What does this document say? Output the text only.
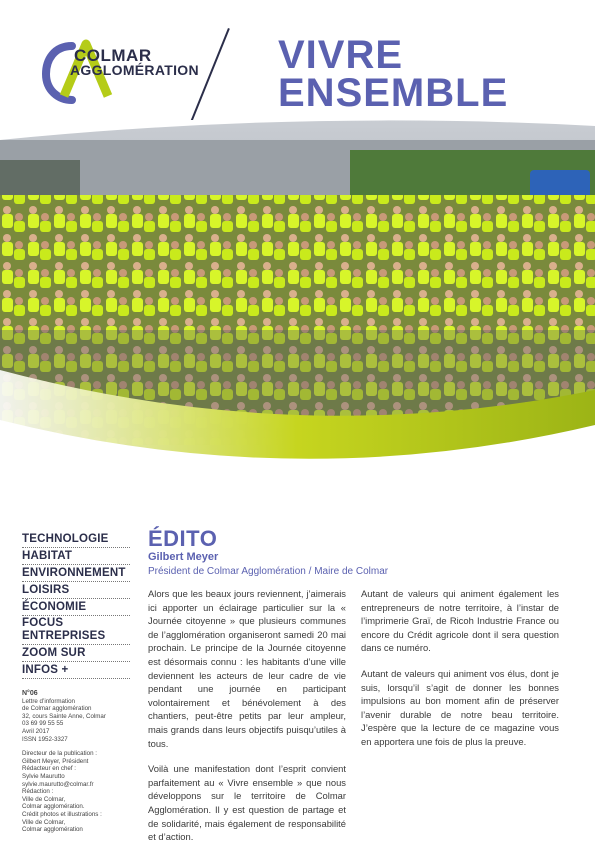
COLMAR
AGGLOMÉRATION VIVRE
ENSEMBLE
TECHNOLOGIE
HABITAT
ENVIRONNEMENT
LOISIRS
ÉCONOMIE
FOCUS ENTREPRISES
ZOOM SUR
INFOS +

N°06

Lettre d’information

de Colmar agglomération

32, cours Sainte Anne, Colmar

03 69 99 55 55

Avril 2017

ISSN 1952-3327

Directeur de la publication :

Gilbert Meyer, Président

Rédacteur en chef :

Sylvie Maurutto

sylvie.maurutto@colmar.fr

Rédaction :

Ville de Colmar,

Colmar agglomération.

Crédit photos et illustrations :

Ville de Colmar,

Colmar agglomération

ÉDITO
Gilbert Meyer
Président de Colmar Agglomération / Maire de Colmar

Alors que les beaux jours reviennent, j’aimerais ici apporter un éclairage particulier sur la « Journée citoyenne » que plusieurs communes de l’agglomération organiseront samedi 20 mai prochain. Le principe de la Journée citoyenne est désormais connu : les habitants d’une ville deviennent les acteurs de leur cadre de vie pendant une journée en participant volontairement et bénévolement à des chantiers, peut-être petits par leur ampleur, mais grands dans leurs objectifs puisqu’utiles à tous.

Voilà une manifestation dont l’esprit convient parfaitement au « Vivre ensemble » que nous développons sur le territoire de Colmar Agglomération. Il y est question de partage et de solidarité, mais également de responsabilité et d’action.

Autant de valeurs qui animent également les entrepreneurs de notre territoire, à l’instar de l’imprimerie Graï, de Ricoh Industrie France ou encore du Crédit agricole dont il sera question dans ce numéro.

Autant de valeurs qui animent vos élus, dont je suis, lorsqu’il s’agit de donner les bonnes impulsions au bon moment afin de préserver l’avenir durable de notre beau territoire. J’espère que la lecture de ce magazine vous en apportera une fois de plus la preuve.
